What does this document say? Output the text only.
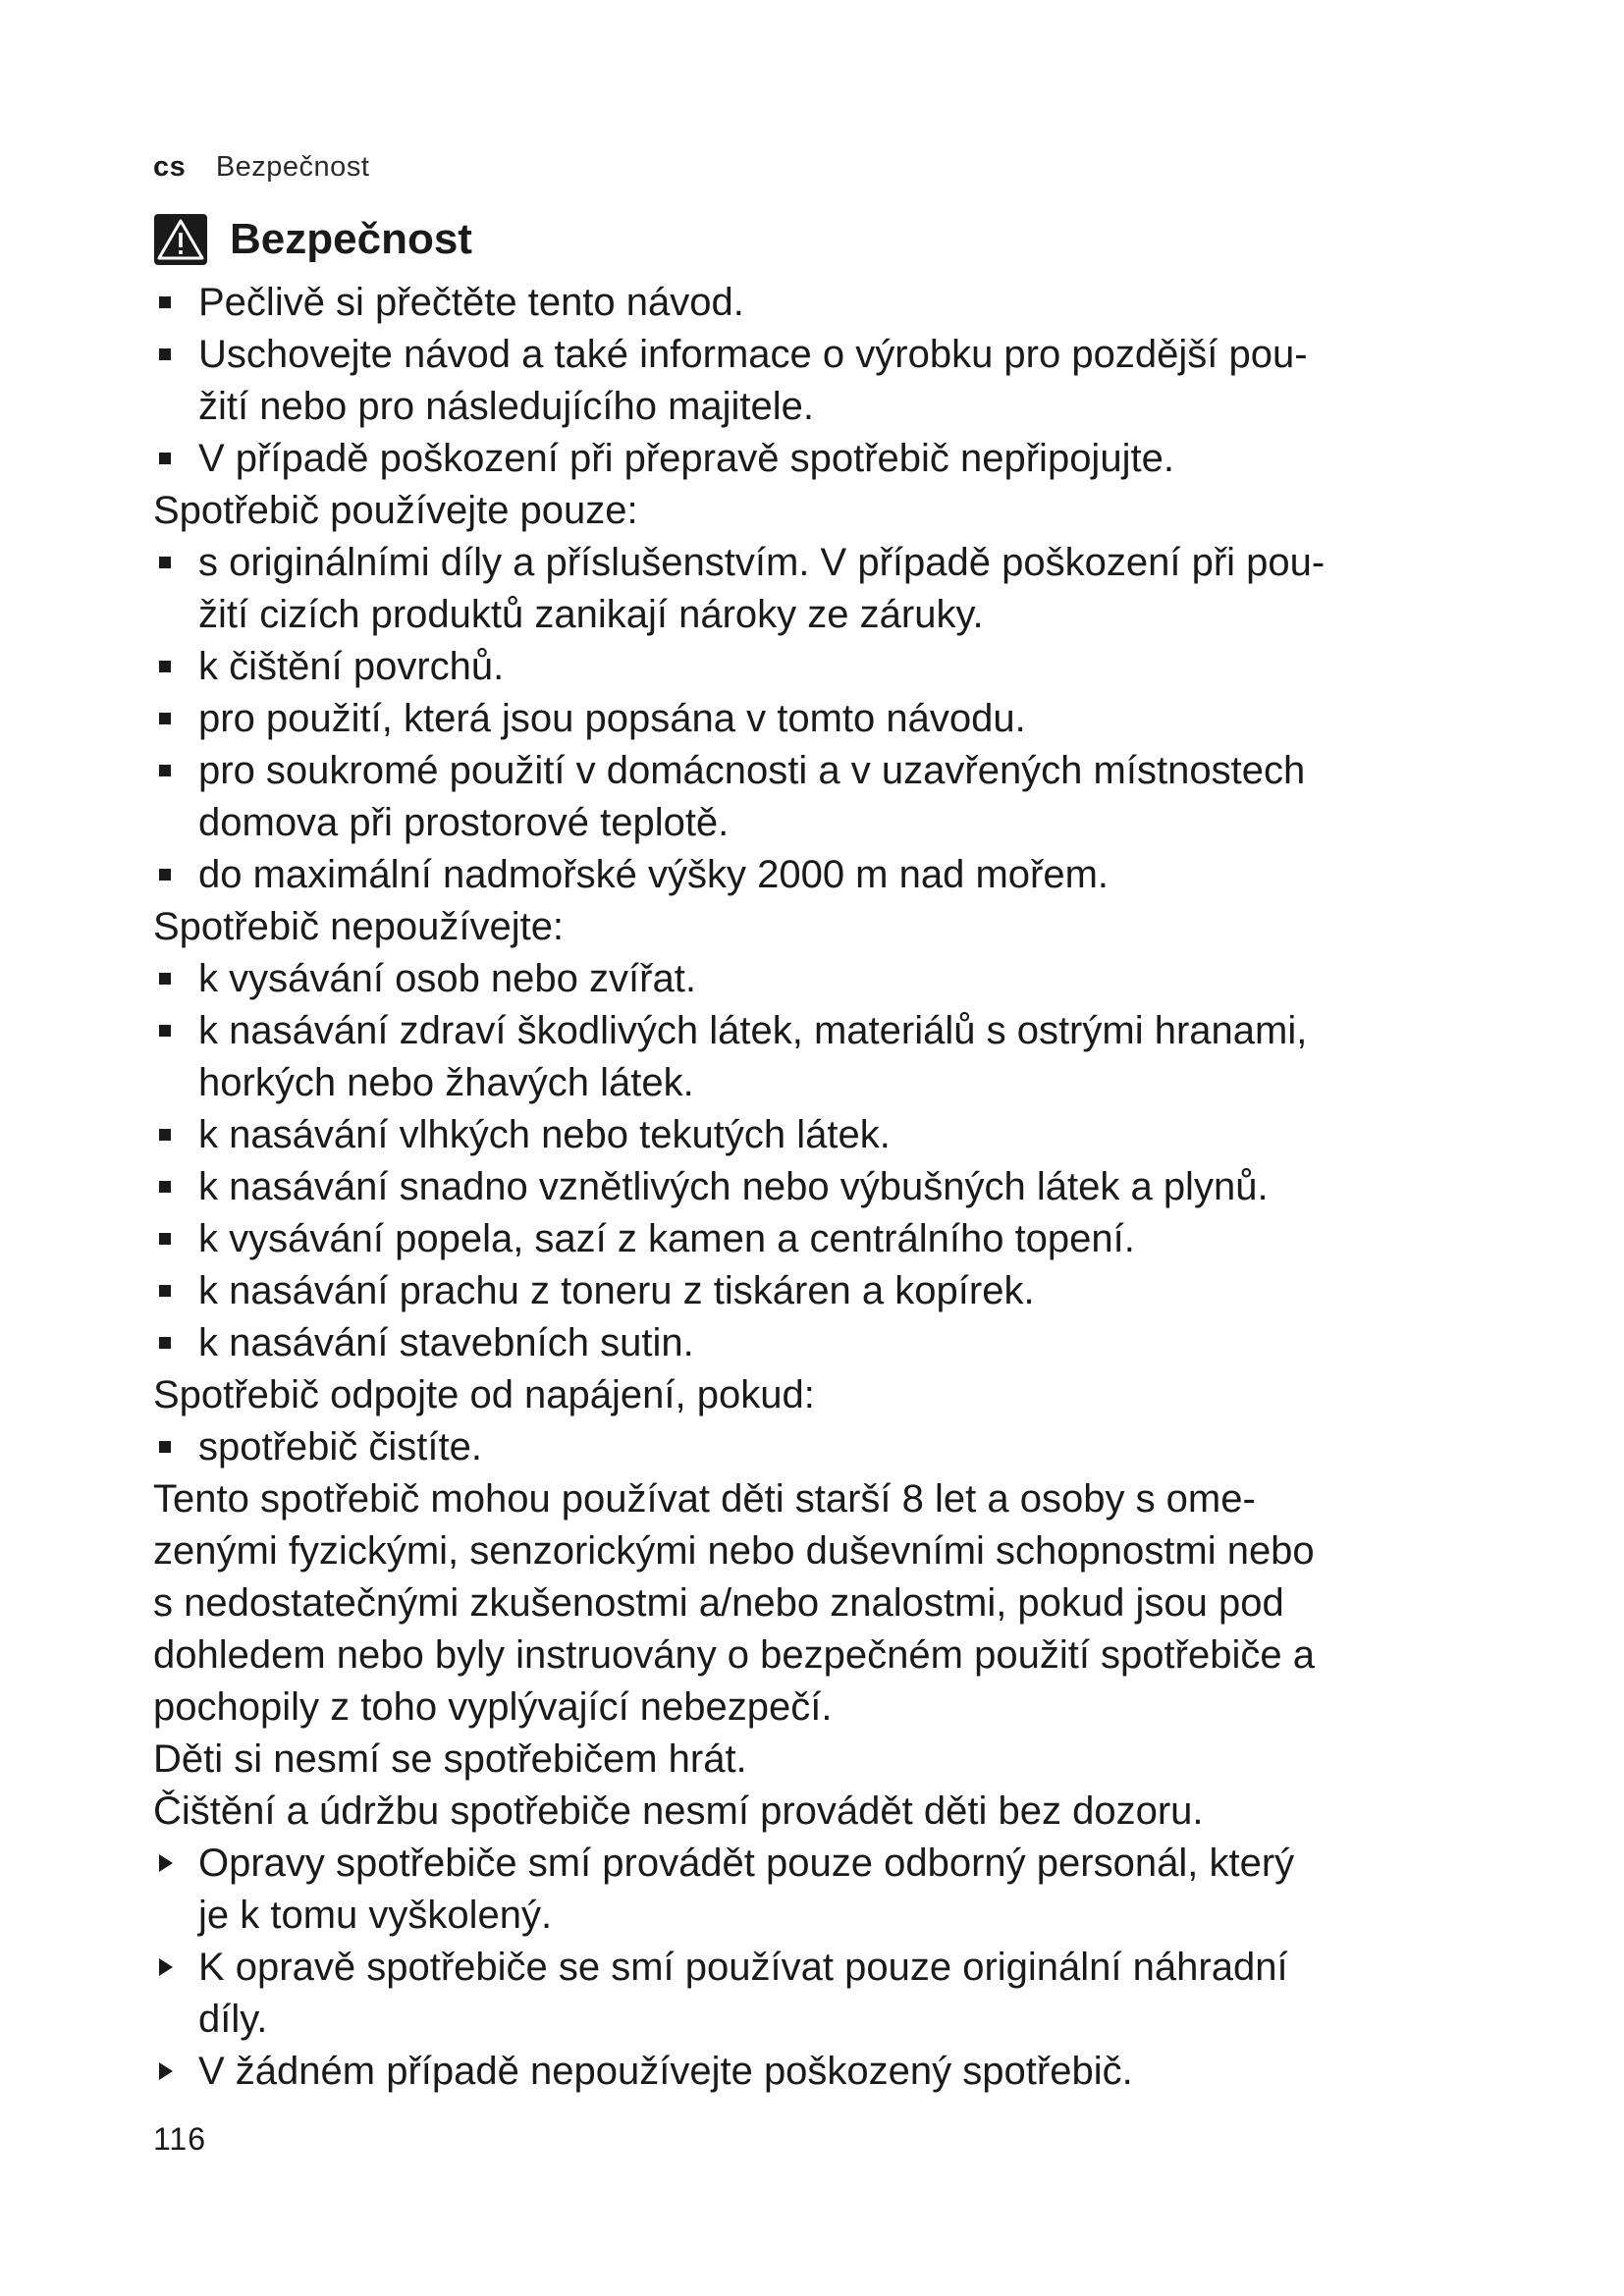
cs Bezpečnost
Bezpečnost
Pečlivě si přečtěte tento návod.
Uschovejte návod a také informace o výrobku pro pozdější pou-
žití nebo pro následujícího majitele.
V případě poškození při přepravě spotřebič nepřipojujte.

Spotřebič používejte pouze:

s originálními díly a příslušenstvím. V případě poškození při pou-
žití cizích produktů zanikají nároky ze záruky.
k čištění povrchů.
pro použití, která jsou popsána v tomto návodu.
pro soukromé použití v domácnosti a v uzavřených místnostech
domova při prostorové teplotě.
do maximální nadmořské výšky 2000 m nad mořem.

Spotřebič nepoužívejte:

k vysávání osob nebo zvířat.
k nasávání zdraví škodlivých látek, materiálů s ostrými hranami,
horkých nebo žhavých látek.
k nasávání vlhkých nebo tekutých látek.
k nasávání snadno vznětlivých nebo výbušných látek a plynů.
k vysávání popela, sazí z kamen a centrálního topení.
k nasávání prachu z toneru z tiskáren a kopírek.
k nasávání stavebních sutin.

Spotřebič odpojte od napájení, pokud:

spotřebič čistíte.

Tento spotřebič mohou používat děti starší 8 let a osoby s ome-

zenými fyzickými, senzorickými nebo duševními schopnostmi nebo

s nedostatečnými zkušenostmi a/nebo znalostmi, pokud jsou pod

dohledem nebo byly instruovány o bezpečném použití spotřebiče a

pochopily z toho vyplývající nebezpečí.

Děti si nesmí se spotřebičem hrát.

Čištění a údržbu spotřebiče nesmí provádět děti bez dozoru.

Opravy spotřebiče smí provádět pouze odborný personál, který
je k tomu vyškolený.
K opravě spotřebiče se smí používat pouze originální náhradní
díly.
V žádném případě nepoužívejte poškozený spotřebič.
116
